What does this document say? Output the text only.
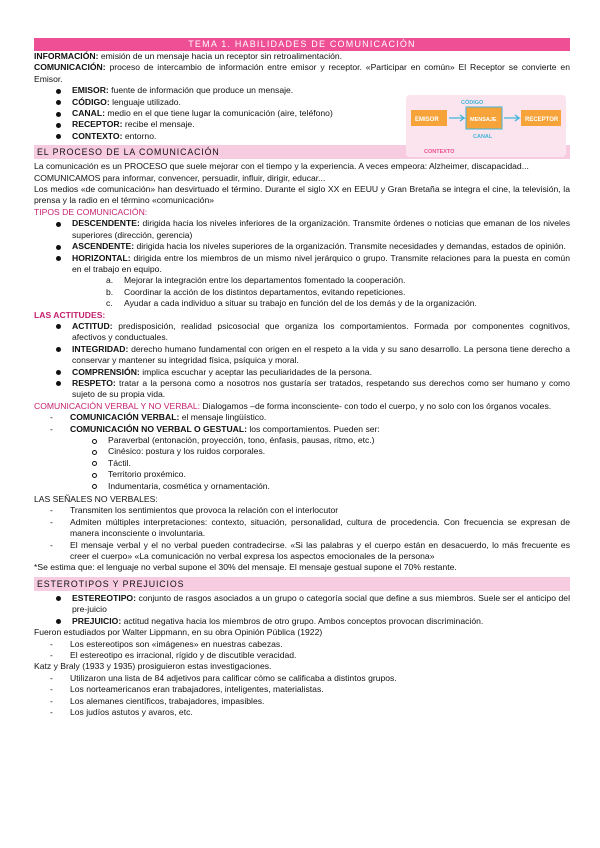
TEMA 1. HABILIDADES DE COMUNICACIÓN

INFORMACIÓN: emisión de un mensaje hacia un receptor sin retroalimentación.

COMUNICACIÓN: proceso de intercambio de información entre emisor y receptor. «Participar en común» El Receptor se convierte en Emisor.

EMISOR: fuente de información que produce un mensaje.
CÓDIGO: lenguaje utilizado.
CANAL: medio en el que tiene lugar la comunicación (aire, teléfono)
RECEPTOR: recibe el mensaje.
CONTEXTO: entorno.
CÓDIGO
EMISOR	MENSAJE	RECEPTOR
CANAL
CONTEXTO
EL PROCESO DE LA COMUNICACIÓN

La comunicación es un PROCESO que suele mejorar con el tiempo y la experiencia. A veces empeora: Alzheimer, discapacidad...

COMUNICAMOS para informar, convencer, persuadir, influir, dirigir, educar...

Los medios «de comunicación» han desvirtuado el término. Durante el siglo XX en EEUU y Gran Bretaña se integra el cine, la televisión, la prensa y la radio en el término «comunicación»

TIPOS DE COMUNICACIÓN:
DESCENDENTE: dirigida hacia los niveles inferiores de la organización. Transmite órdenes o noticias que emanan de los niveles superiores (dirección, gerencia)
ASCENDENTE: dirigida hacia los niveles superiores de la organización. Transmite necesidades y demandas, estados de opinión.
HORIZONTAL: dirigida entre los miembros de un mismo nivel jerárquico o grupo. Transmite relaciones para la puesta en común en el trabajo en equipo.
a. Mejorar la integración entre los departamentos fomentado la cooperación.
b. Coordinar la acción de los distintos departamentos, evitando repeticiones.
c. Ayudar a cada individuo a situar su trabajo en función del de los demás y de la organización.
LAS ACTITUDES:
ACTITUD: predisposición, realidad psicosocial que organiza los comportamientos. Formada por componentes cognitivos, afectivos y conductuales.
INTEGRIDAD: derecho humano fundamental con origen en el respeto a la vida y su sano desarrollo. La persona tiene derecho a conservar y mantener su integridad física, psíquica y moral.
COMPRENSIÓN: implica escuchar y aceptar las peculiaridades de la persona.
RESPETO: tratar a la persona como a nosotros nos gustaría ser tratados, respetando sus derechos como ser humano y como sujeto de su propia vida.

COMUNICACIÓN VERBAL Y NO VERBAL: Dialogamos –de forma inconsciente- con todo el cuerpo, y no solo con los órganos vocales.

- COMUNICACIÓN VERBAL: el mensaje lingüístico.
- COMUNICACIÓN NO VERBAL O GESTUAL: los comportamientos. Pueden ser:
Paraverbal (entonación, proyección, tono, énfasis, pausas, ritmo, etc.)
Cinésico: postura y los ruidos corporales.
Táctil.
Territorio proxémico.
Indumentaria, cosmética y ornamentación.
LAS SEÑALES NO VERBALES:
- Transmiten los sentimientos que provoca la relación con el interlocutor
- Admiten múltiples interpretaciones: contexto, situación, personalidad, cultura de procedencia. Con frecuencia se expresan de manera inconsciente o involuntaria.
- El mensaje verbal y el no verbal pueden contradecirse. «Si las palabras y el cuerpo están en desacuerdo, lo más frecuente es creer el cuerpo» «La comunicación no verbal expresa los aspectos emocionales de la persona»

*Se estima que: el lenguaje no verbal supone el 30% del mensaje. El mensaje gestual supone el 70% restante.

ESTEROTIPOS Y PREJUICIOS
ESTEREOTIPO: conjunto de rasgos asociados a un grupo o categoría social que define a sus miembros. Suele ser el anticipo del pre-juicio
PREJUICIO: actitud negativa hacia los miembros de otro grupo. Ambos conceptos provocan discriminación.

Fueron estudiados por Walter Lippmann, en su obra Opinión Pública (1922)

- Los estereotipos son «imágenes» en nuestras cabezas.
- El estereotipo es irracional, rígido y de discutible veracidad.

Katz y Braly (1933 y 1935) prosiguieron estas investigaciones.

- Utilizaron una lista de 84 adjetivos para calificar cómo se calificaba a distintos grupos.
- Los norteamericanos eran trabajadores, inteligentes, materialistas.
- Los alemanes científicos, trabajadores, impasibles.
- Los judíos astutos y avaros, etc.
